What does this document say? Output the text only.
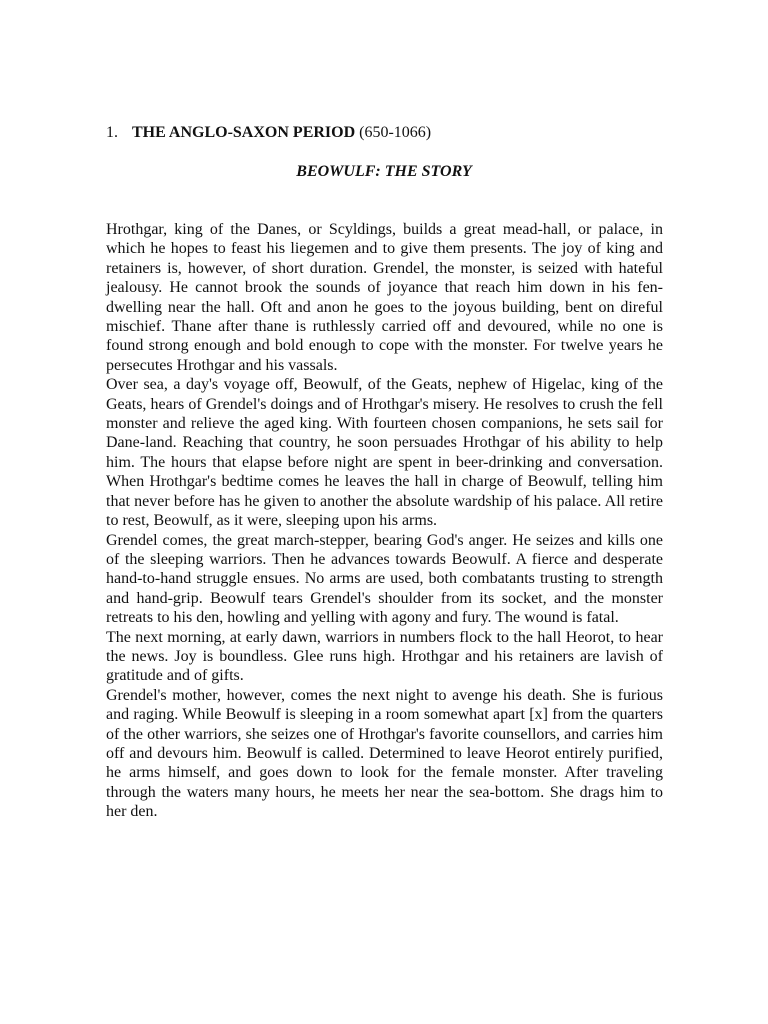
1. THE ANGLO-SAXON PERIOD (650-1066)
BEOWULF: THE STORY

Hrothgar, king of the Danes, or Scyldings, builds a great mead-hall, or palace, in which he hopes to feast his liegemen and to give them presents. The joy of king and retainers is, however, of short duration. Grendel, the monster, is seized with hateful jealousy. He cannot brook the sounds of joyance that reach him down in his fen-dwelling near the hall. Oft and anon he goes to the joyous building, bent on direful mischief. Thane after thane is ruthlessly carried off and devoured, while no one is found strong enough and bold enough to cope with the monster. For twelve years he persecutes Hrothgar and his vassals.

Over sea, a day's voyage off, Beowulf, of the Geats, nephew of Higelac, king of the Geats, hears of Grendel's doings and of Hrothgar's misery. He resolves to crush the fell monster and relieve the aged king. With fourteen chosen companions, he sets sail for Dane-land. Reaching that country, he soon persuades Hrothgar of his ability to help him. The hours that elapse before night are spent in beer-drinking and conversation. When Hrothgar's bedtime comes he leaves the hall in charge of Beowulf, telling him that never before has he given to another the absolute wardship of his palace. All retire to rest, Beowulf, as it were, sleeping upon his arms.

Grendel comes, the great march-stepper, bearing God's anger. He seizes and kills one of the sleeping warriors. Then he advances towards Beowulf. A fierce and desperate hand-to-hand struggle ensues. No arms are used, both combatants trusting to strength and hand-grip. Beowulf tears Grendel's shoulder from its socket, and the monster retreats to his den, howling and yelling with agony and fury. The wound is fatal.

The next morning, at early dawn, warriors in numbers flock to the hall Heorot, to hear the news. Joy is boundless. Glee runs high. Hrothgar and his retainers are lavish of gratitude and of gifts.

Grendel's mother, however, comes the next night to avenge his death. She is furious and raging. While Beowulf is sleeping in a room somewhat apart [x] from the quarters of the other warriors, she seizes one of Hrothgar's favorite counsellors, and carries him off and devours him. Beowulf is called. Determined to leave Heorot entirely purified, he arms himself, and goes down to look for the female monster. After traveling through the waters many hours, he meets her near the sea-bottom. She drags him to her den.
